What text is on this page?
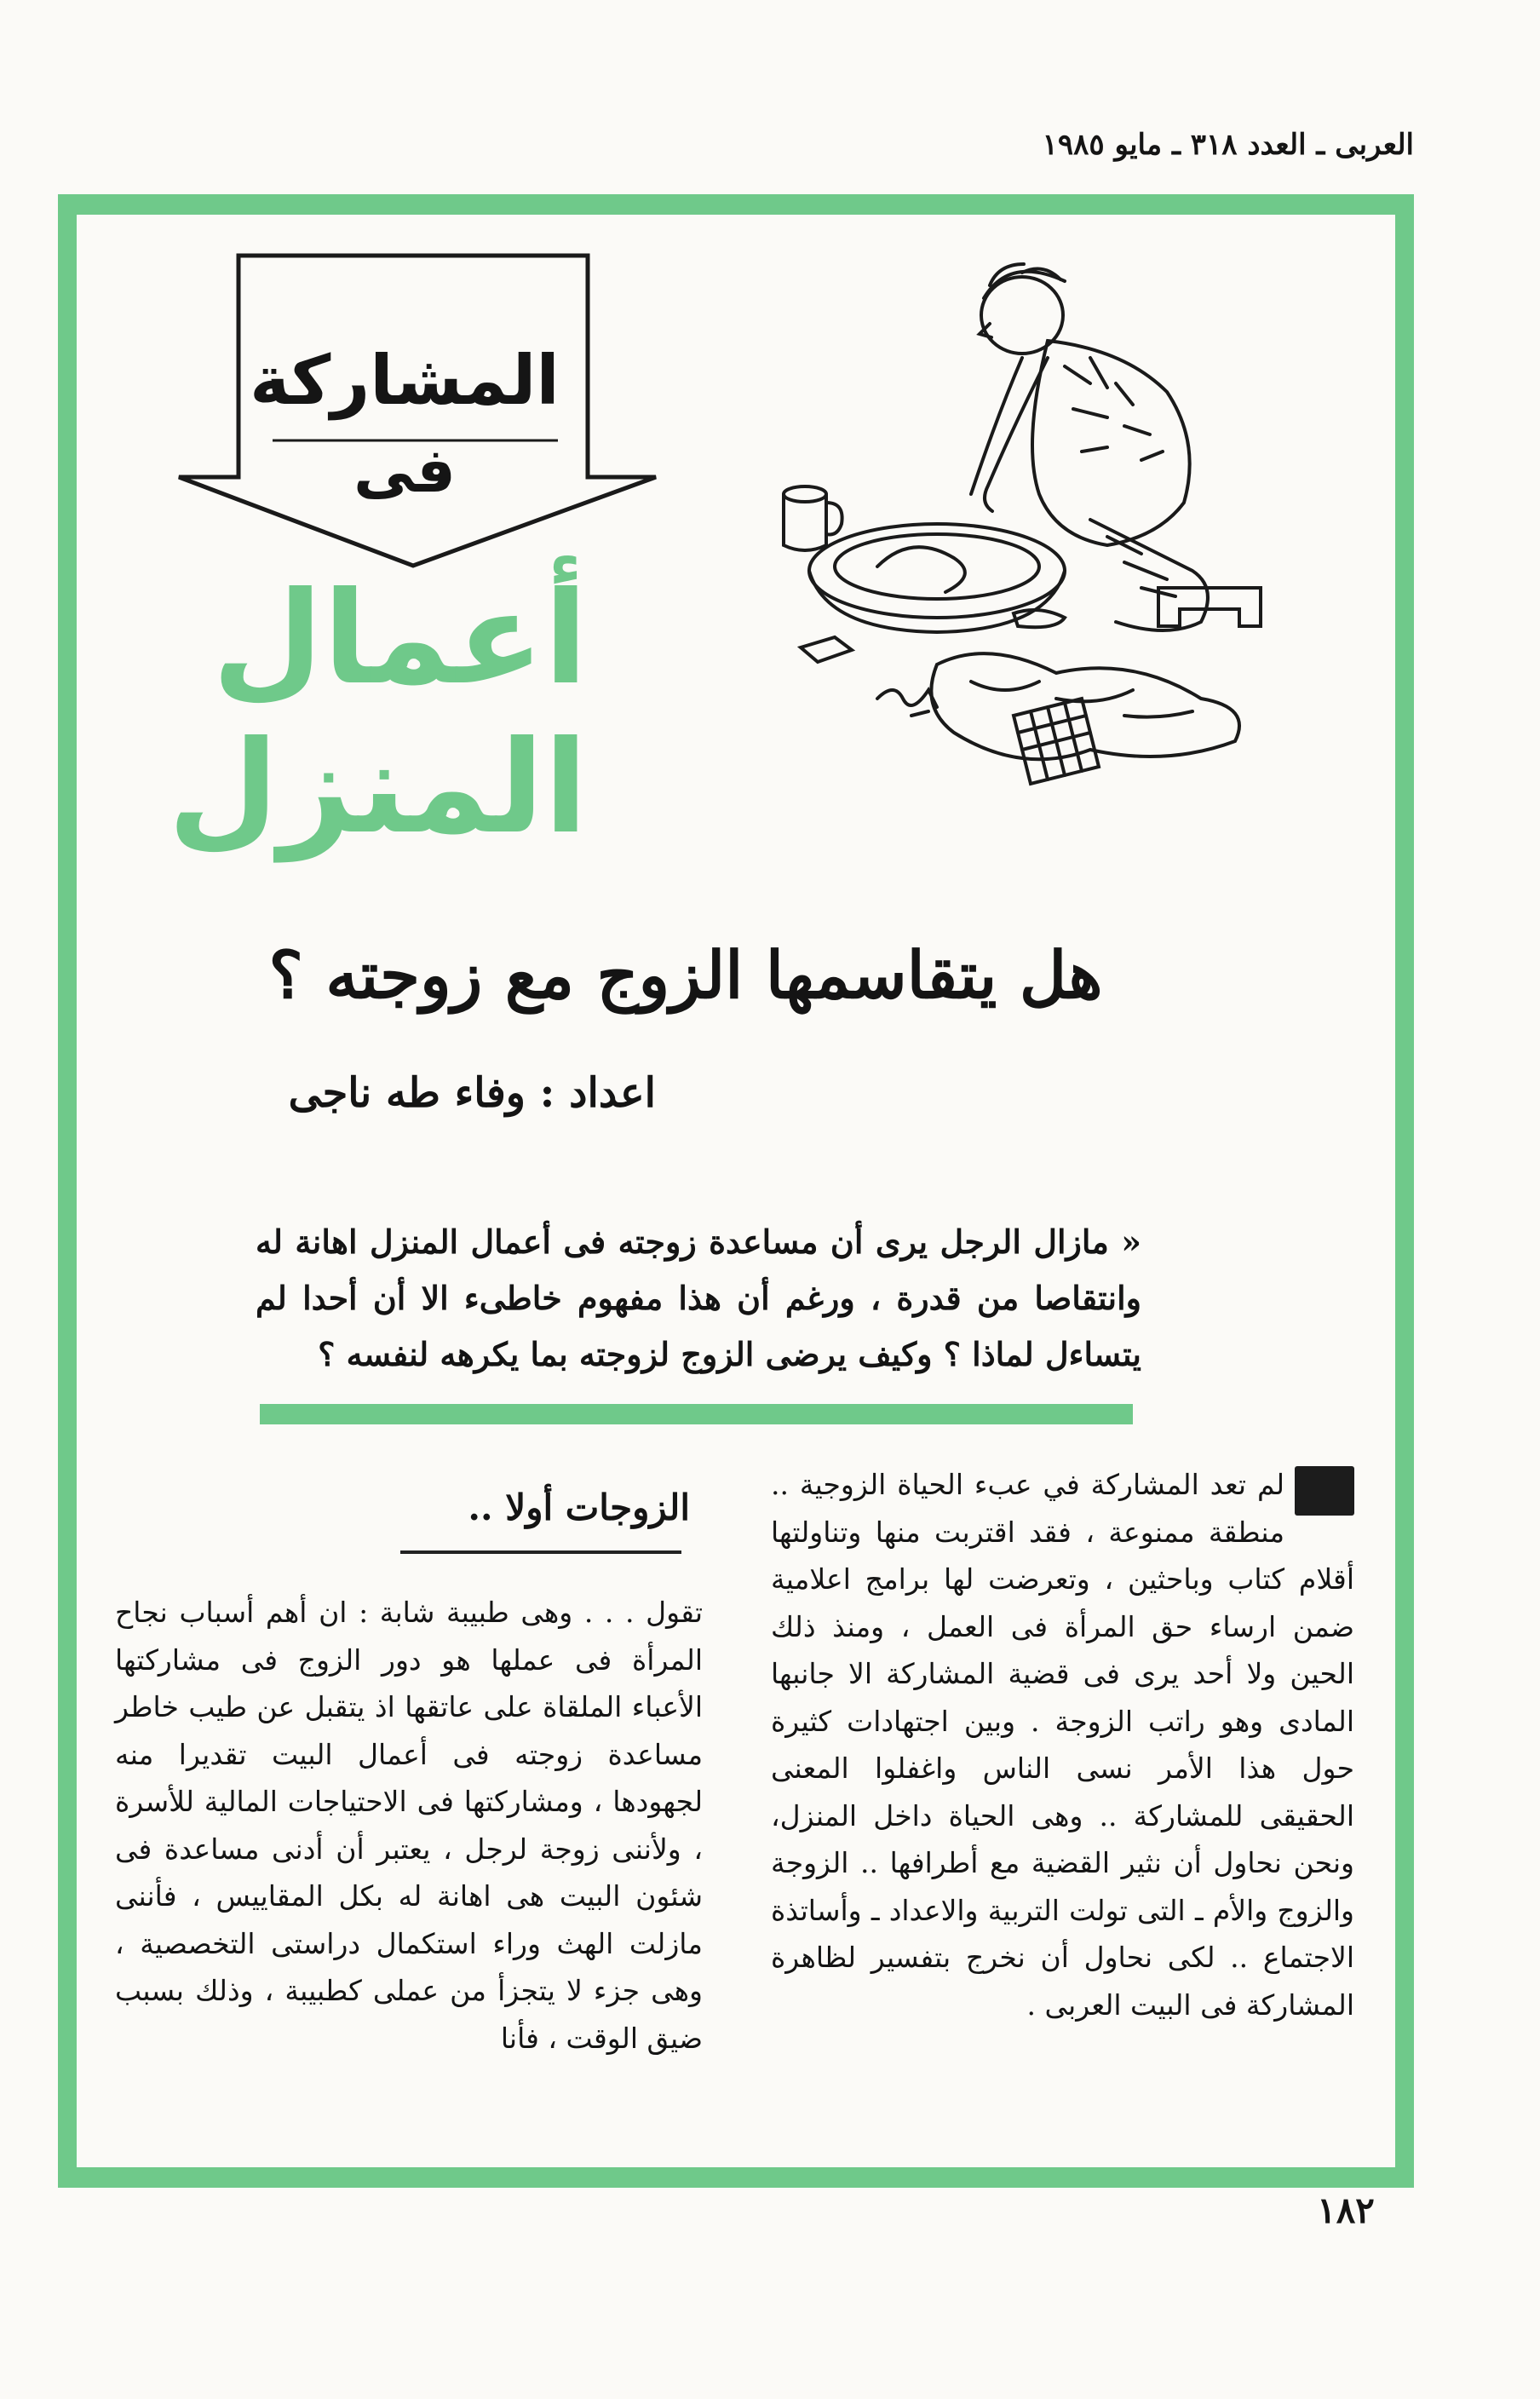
العربى ـ العدد ٣١٨ ـ مايو ١٩٨٥
المشاركة
فى
أعمال
المنزل
هل يتقاسمها الزوج مع زوجته ؟
اعداد : وفاء طه ناجى
« مازال الرجل يرى أن مساعدة زوجته فى أعمال المنزل اهانة له وانتقاصا من قدرة ، ورغم أن هذا مفهوم خاطىء الا أن أحدا لم يتساءل لماذا ؟ وكيف يرضى الزوج لزوجته بما يكرهه لنفسه ؟
لم تعد المشاركة في عبء الحياة الزوجية .. منطقة ممنوعة ، فقد اقتربت منها وتناولتها أقلام كتاب وباحثين ، وتعرضت لها برامج اعلامية ضمن ارساء حق المرأة فى العمل ، ومنذ ذلك الحين ولا أحد يرى فى قضية المشاركة الا جانبها المادى وهو راتب الزوجة . وبين اجتهادات كثيرة حول هذا الأمر نسى الناس واغفلوا المعنى الحقيقى للمشاركة .. وهى الحياة داخل المنزل، ونحن نحاول أن نثير القضية مع أطرافها .. الزوجة والزوج والأم ـ التى تولت التربية والاعداد ـ وأساتذة الاجتماع .. لكى نحاول أن نخرج بتفسير لظاهرة المشاركة فى البيت العربى .
الزوجات أولا ..
تقول . . . وهى طبيبة شابة : ان أهم أسباب نجاح المرأة فى عملها هو دور الزوج فى مشاركتها الأعباء الملقاة على عاتقها اذ يتقبل عن طيب خاطر مساعدة زوجته فى أعمال البيت تقديرا منه لجهودها ، ومشاركتها فى الاحتياجات المالية للأسرة ، ولأننى زوجة لرجل ، يعتبر أن أدنى مساعدة فى شئون البيت هى اهانة له بكل المقاييس ، فأننى مازلت الهث وراء استكمال دراستى التخصصية ، وهى جزء لا يتجزأ من عملى كطبيبة ، وذلك بسبب ضيق الوقت ، فأنا
١٨٢
